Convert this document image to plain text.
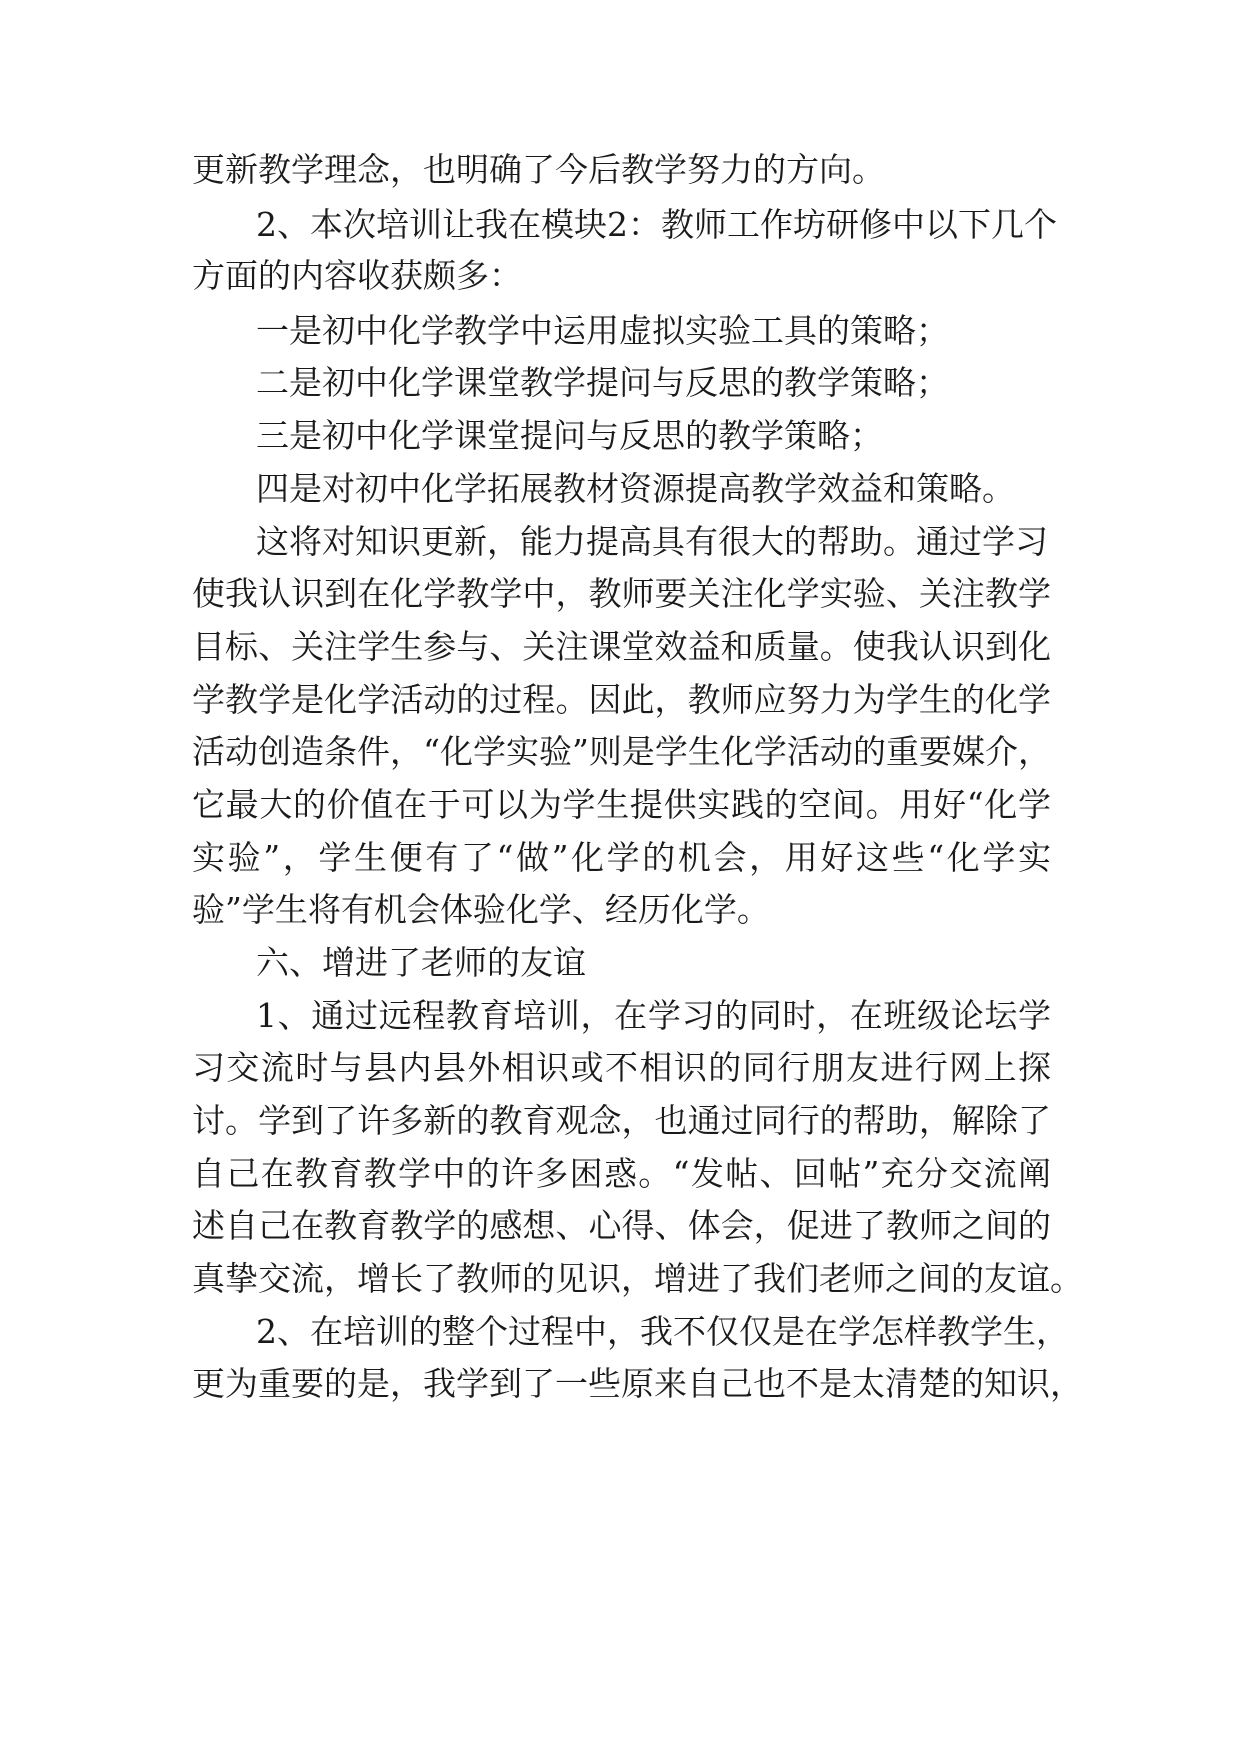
更新教学理念，也明确了今后教学努力的方向。
2、本次培训让我在模块2：教师工作坊研修中以下几个
方面的内容收获颇多：
一是初中化学教学中运用虚拟实验工具的策略；
二是初中化学课堂教学提问与反思的教学策略；
三是初中化学课堂提问与反思的教学策略；
四是对初中化学拓展教材资源提高教学效益和策略。
这将对知识更新，能力提高具有很大的帮助。通过学习
使我认识到在化学教学中，教师要关注化学实验、关注教学
目标、关注学生参与、关注课堂效益和质量。使我认识到化
学教学是化学活动的过程。因此，教师应努力为学生的化学
活动创造条件，“化学实验”则是学生化学活动的重要媒介，
它最大的价值在于可以为学生提供实践的空间。用好“化学
实验”，学生便有了“做”化学的机会，用好这些“化学实
验”学生将有机会体验化学、经历化学。
六、增进了老师的友谊
1、通过远程教育培训，在学习的同时，在班级论坛学
习交流时与县内县外相识或不相识的同行朋友进行网上探
讨。学到了许多新的教育观念，也通过同行的帮助，解除了
自己在教育教学中的许多困惑。“发帖、回帖”充分交流阐
述自己在教育教学的感想、心得、体会，促进了教师之间的
真挚交流，增长了教师的见识，增进了我们老师之间的友谊。
2、在培训的整个过程中，我不仅仅是在学怎样教学生，
更为重要的是，我学到了一些原来自己也不是太清楚的知识，
